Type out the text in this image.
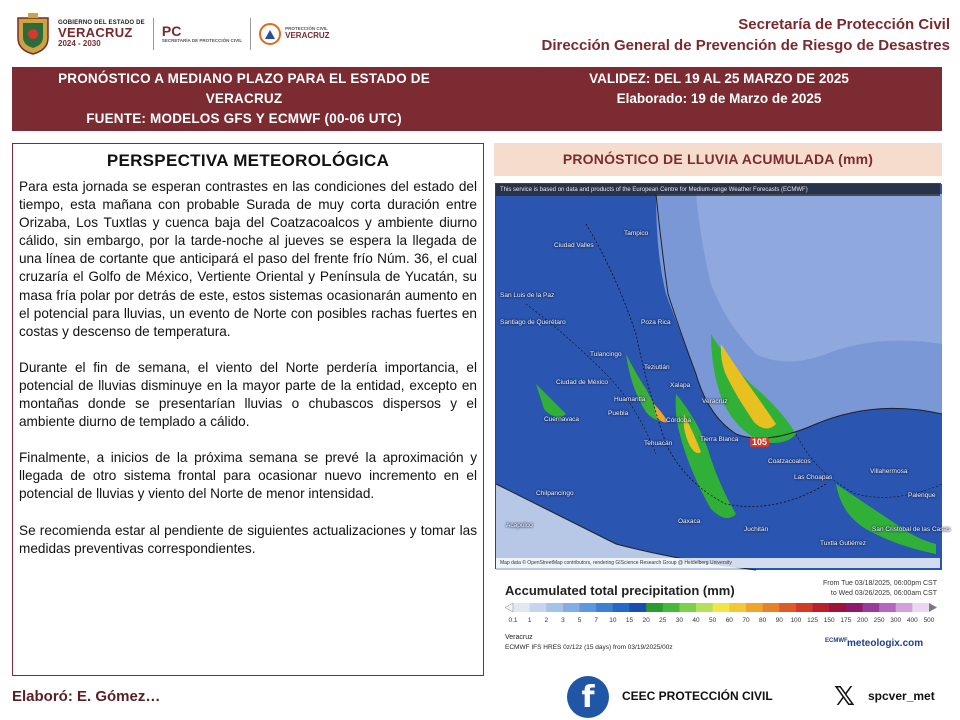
GOBIERNO DEL ESTADO DE
VERACRUZ
2024 - 2030
PC
SECRETARÍA DE PROTECCIÓN CIVIL
PROTECCIÓN CIVIL
VERACRUZ
Secretaría de Protección Civil
Dirección General de Prevención de Riesgo de Desastres
PRONÓSTICO A MEDIANO PLAZO PARA EL ESTADO DE
VERACRUZ
FUENTE: MODELOS GFS Y ECMWF (00-06 UTC)
VALIDEZ: DEL 19 AL 25 MARZO DE 2025
Elaborado: 19 de Marzo de 2025
PERSPECTIVA METEOROLÓGICA

Para esta jornada se esperan contrastes en las condiciones del estado del tiempo, esta mañana con probable Surada de muy corta duración entre Orizaba, Los Tuxtlas y cuenca baja del Coatzacoalcos y ambiente diurno cálido, sin embargo, por la tarde-noche al jueves se espera la llegada de una línea de cortante que anticipará el paso del frente frío Núm. 36, el cual cruzaría el Golfo de México, Vertiente Oriental y Península de Yucatán, su masa fría polar por detrás de este, estos sistemas ocasionarán aumento en el potencial para lluvias, un evento de Norte con posibles rachas fuertes en costas y descenso de temperatura.

Durante el fin de semana, el viento del Norte perdería importancia, el potencial de lluvias disminuye en la mayor parte de la entidad, excepto en montañas donde se presentarían lluvias o chubascos dispersos y el ambiente diurno de templado a cálido.

Finalmente, a inicios de la próxima semana se prevé la aproximación y llegada de otro sistema frontal para ocasionar nuevo incremento en el potencial de lluvias y viento del Norte de menor intensidad.

Se recomienda estar al pendiente de siguientes actualizaciones y tomar las medidas preventivas correspondientes.

PRONÓSTICO DE LLUVIA ACUMULADA (mm)
This service is based on data and products of the European Centre for Medium-range Weather Forecasts (ECMWF)
Ciudad Valles
Tampico
San Luis de la Paz
Poza Rica
Santiago de Querétaro
Tulancingo
Teziutlán
Ciudad de México	Xalapa
Huamantla
Puebla
Veracruz
Córdoba
Cuernavaca
Tehuacán
Tierra Blanca
Coatzacoalcos
Las Choapas
Villahermosa
Chilpancingo
Oaxaca
Acapulco
Juchitán
Tuxtla Gutiérrez
San Cristóbal de las Casas
Palenque
105
Map data © OpenStreetMap contributors, rendering GIScience Research Group @ Heidelberg University
Accumulated total precipitation (mm)	From Tue 03/18/2025, 06:00pm CST
to Wed 03/26/2025, 06:00am CST
0.1 1 2 3 5 7 10 15 20 25 30 40 50 60 70 80 90 100 125 150 175 200 250 300 400 500
Veracruz
ECMWF IFS HRES 0z/12z (15 days) from 03/19/2025/00z
ECMWF meteologix.com
Elaboró: E. Gómez…	f	CEEC PROTECCIÓN CIVIL 𝕏 spcver_met
